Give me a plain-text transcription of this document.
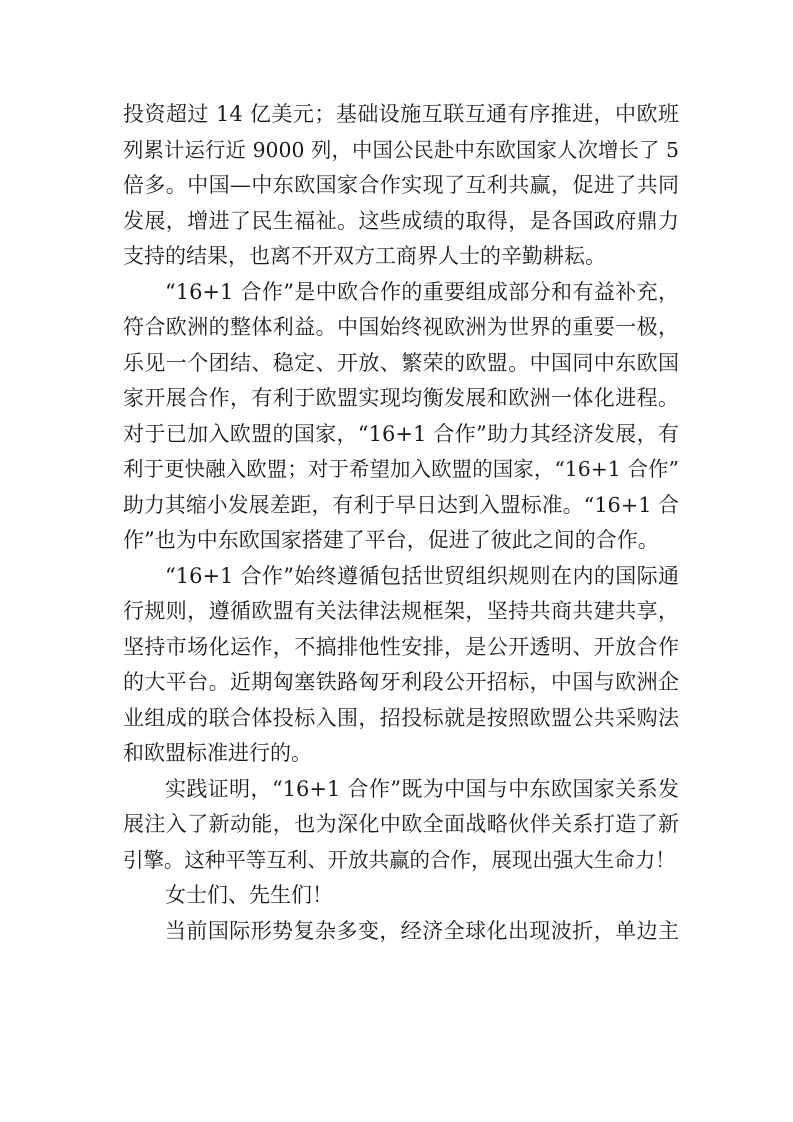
投资超过 14 亿美元；基础设施互联互通有序推进，中欧班
列累计运行近 9000 列，中国公民赴中东欧国家人次增长了 5
倍多。中国—中东欧国家合作实现了互利共赢，促进了共同
发展，增进了民生福祉。这些成绩的取得，是各国政府鼎力
支持的结果，也离不开双方工商界人士的辛勤耕耘。
“16+1 合作”是中欧合作的重要组成部分和有益补充，
符合欧洲的整体利益。中国始终视欧洲为世界的重要一极，
乐见一个团结、稳定、开放、繁荣的欧盟。中国同中东欧国
家开展合作，有利于欧盟实现均衡发展和欧洲一体化进程。
对于已加入欧盟的国家，“16+1 合作”助力其经济发展，有
利于更快融入欧盟；对于希望加入欧盟的国家，“16+1 合作”
助力其缩小发展差距，有利于早日达到入盟标准。“16+1 合
作”也为中东欧国家搭建了平台，促进了彼此之间的合作。
“16+1 合作”始终遵循包括世贸组织规则在内的国际通
行规则，遵循欧盟有关法律法规框架，坚持共商共建共享，
坚持市场化运作，不搞排他性安排，是公开透明、开放合作
的大平台。近期匈塞铁路匈牙利段公开招标，中国与欧洲企
业组成的联合体投标入围，招投标就是按照欧盟公共采购法
和欧盟标准进行的。
实践证明，“16+1 合作”既为中国与中东欧国家关系发
展注入了新动能，也为深化中欧全面战略伙伴关系打造了新
引擎。这种平等互利、开放共赢的合作，展现出强大生命力！
女士们、先生们！
当前国际形势复杂多变，经济全球化出现波折，单边主
